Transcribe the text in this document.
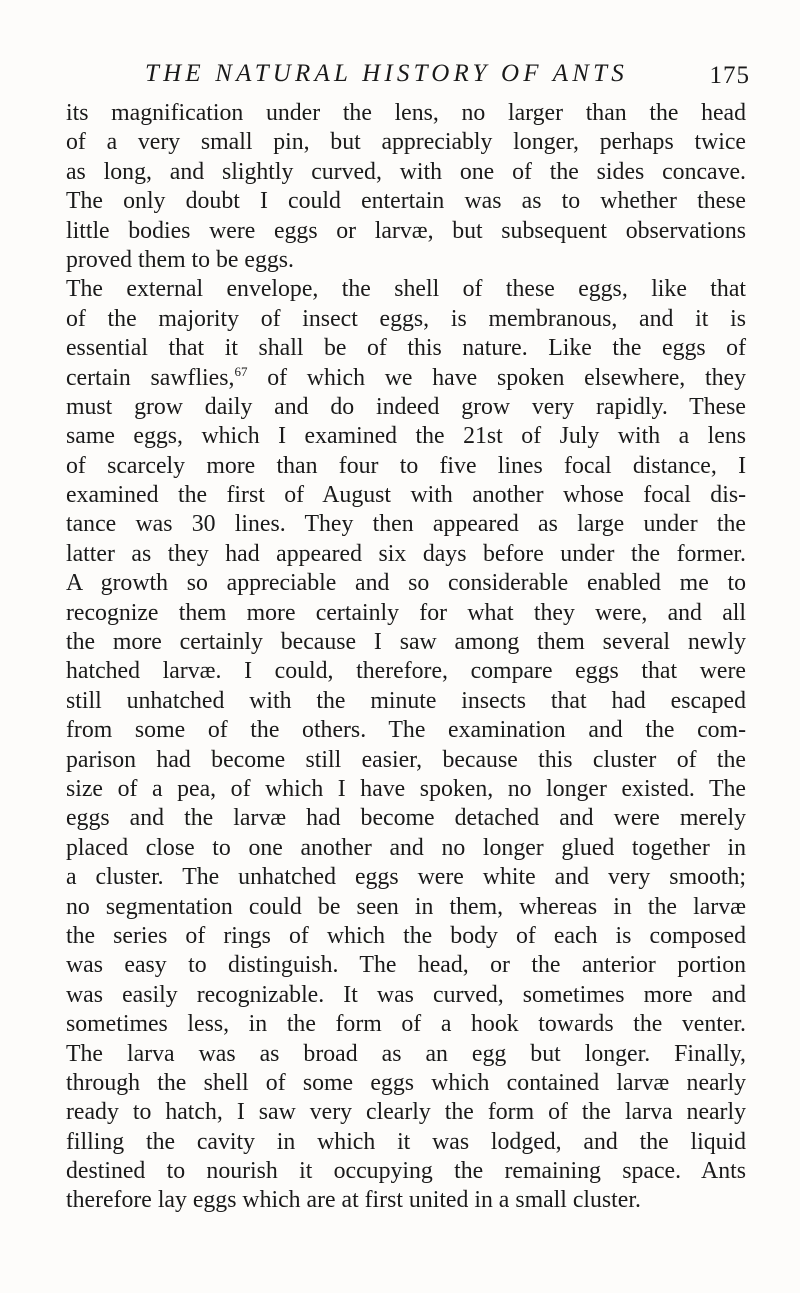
THE NATURAL HISTORY OF ANTS	175
its magnification under the lens, no larger than the head
of a very small pin, but appreciably longer, perhaps twice
as long, and slightly curved, with one of the sides concave.
The only doubt I could entertain was as to whether these
little bodies were eggs or larvæ, but subsequent observations
proved them to be eggs.
The external envelope, the shell of these eggs, like that
of the majority of insect eggs, is membranous, and it is
essential that it shall be of this nature. Like the eggs of
certain sawflies,$^{67}$ of which we have spoken elsewhere, they
must grow daily and do indeed grow very rapidly. These
same eggs, which I examined the 21st of July with a lens
of scarcely more than four to five lines focal distance, I
examined the first of August with another whose focal dis-
tance was 30 lines. They then appeared as large under the
latter as they had appeared six days before under the former.
A growth so appreciable and so considerable enabled me to
recognize them more certainly for what they were, and all
the more certainly because I saw among them several newly
hatched larvæ. I could, therefore, compare eggs that were
still unhatched with the minute insects that had escaped
from some of the others. The examination and the com-
parison had become still easier, because this cluster of the
size of a pea, of which I have spoken, no longer existed. The
eggs and the larvæ had become detached and were merely
placed close to one another and no longer glued together in
a cluster. The unhatched eggs were white and very smooth;
no segmentation could be seen in them, whereas in the larvæ
the series of rings of which the body of each is composed
was easy to distinguish. The head, or the anterior portion
was easily recognizable. It was curved, sometimes more and
sometimes less, in the form of a hook towards the venter.
The larva was as broad as an egg but longer. Finally,
through the shell of some eggs which contained larvæ nearly
ready to hatch, I saw very clearly the form of the larva nearly
filling the cavity in which it was lodged, and the liquid
destined to nourish it occupying the remaining space. Ants
therefore lay eggs which are at first united in a small cluster.
